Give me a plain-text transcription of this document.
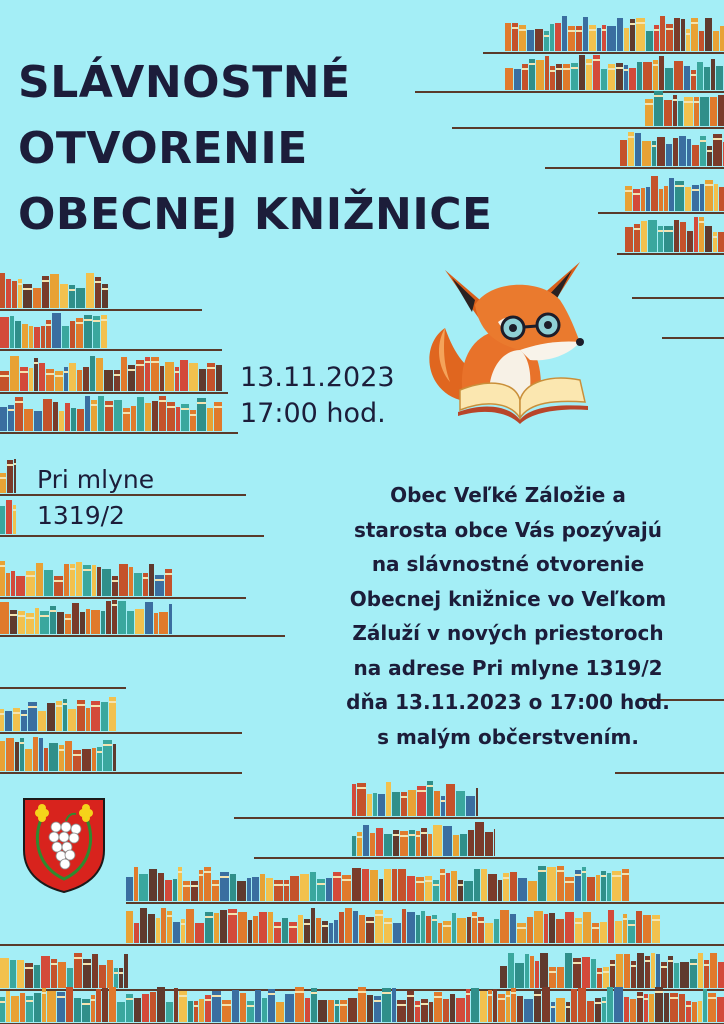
SLÁVNOSTNÉ
OTVORENIE
OBECNEJ KNIŽNICE
13.11.2023
17:00 hod.
Pri mlyne
1319/2
Obec Veľké Záložie a
starosta obce Vás pozývajú
na slávnostné otvorenie
Obecnej knižnice vo Veľkom
Záluží v nových priestoroch
na adrese Pri mlyne 1319/2
dňa 13.11.2023 o 17:00 hod.
s malým občerstvením.
